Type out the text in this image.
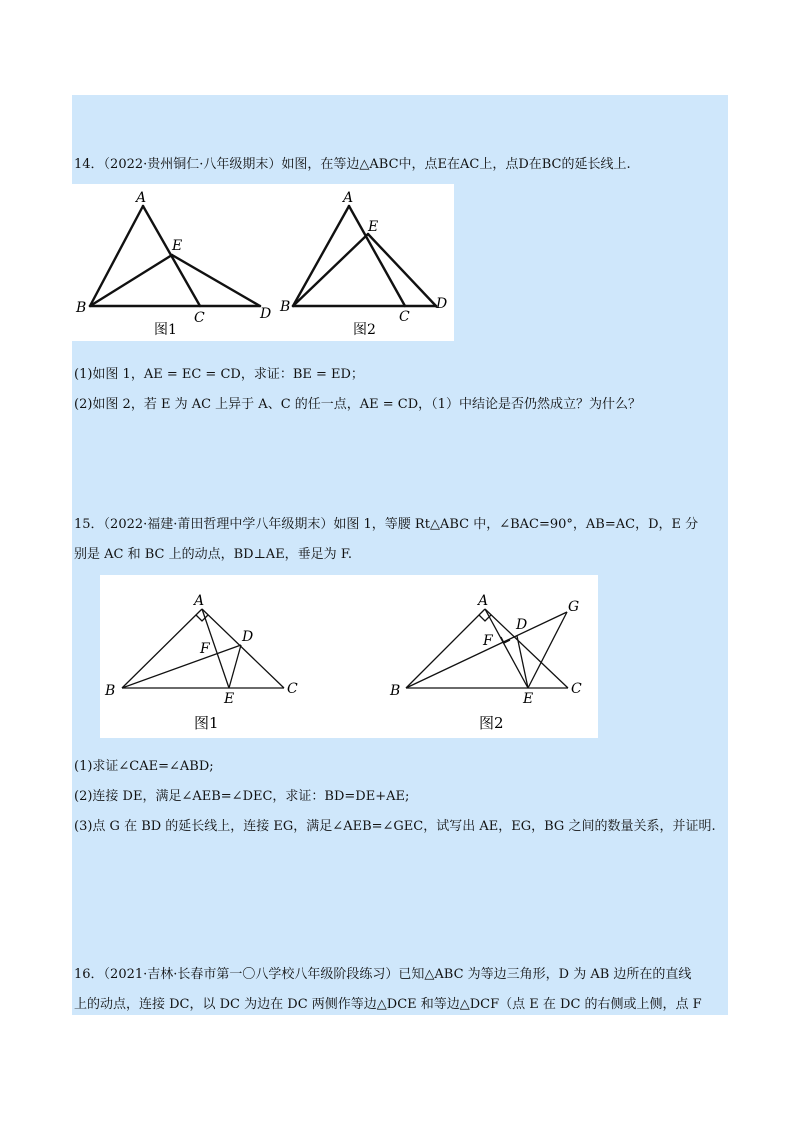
14．（2022·贵州铜仁·八年级期末）如图，在等边△ABC中，点E在AC上，点D在BC的延长线上.
A
E
B
C	D
图1
A
E
B
C
D
图2
(1)如图 1，AE = EC = CD，求证：BE = ED；
(2)如图 2，若 E 为 AC 上异于 A、C 的任一点，AE = CD，（1）中结论是否仍然成立？为什么？
15．（2022·福建·莆田哲理中学八年级期末）如图 1，等腰 Rt△ABC 中，∠BAC=90°，AB=AC，D，E 分
别是 AC 和 BC 上的动点，BD⊥AE，垂足为 F.
A
D
F
B	E
C
图1
A	G
D
F
B	E
C
图2
(1)求证∠CAE=∠ABD;
(2)连接 DE，满足∠AEB=∠DEC，求证：BD=DE+AE;
(3)点 G 在 BD 的延长线上，连接 EG，满足∠AEB=∠GEC，试写出 AE，EG，BG 之间的数量关系，并证明.
16．（2021·吉林·长春市第一〇八学校八年级阶段练习）已知△ABC 为等边三角形，D 为 AB 边所在的直线
上的动点，连接 DC，以 DC 为边在 DC 两侧作等边△DCE 和等边△DCF（点 E 在 DC 的右侧或上侧，点 F
